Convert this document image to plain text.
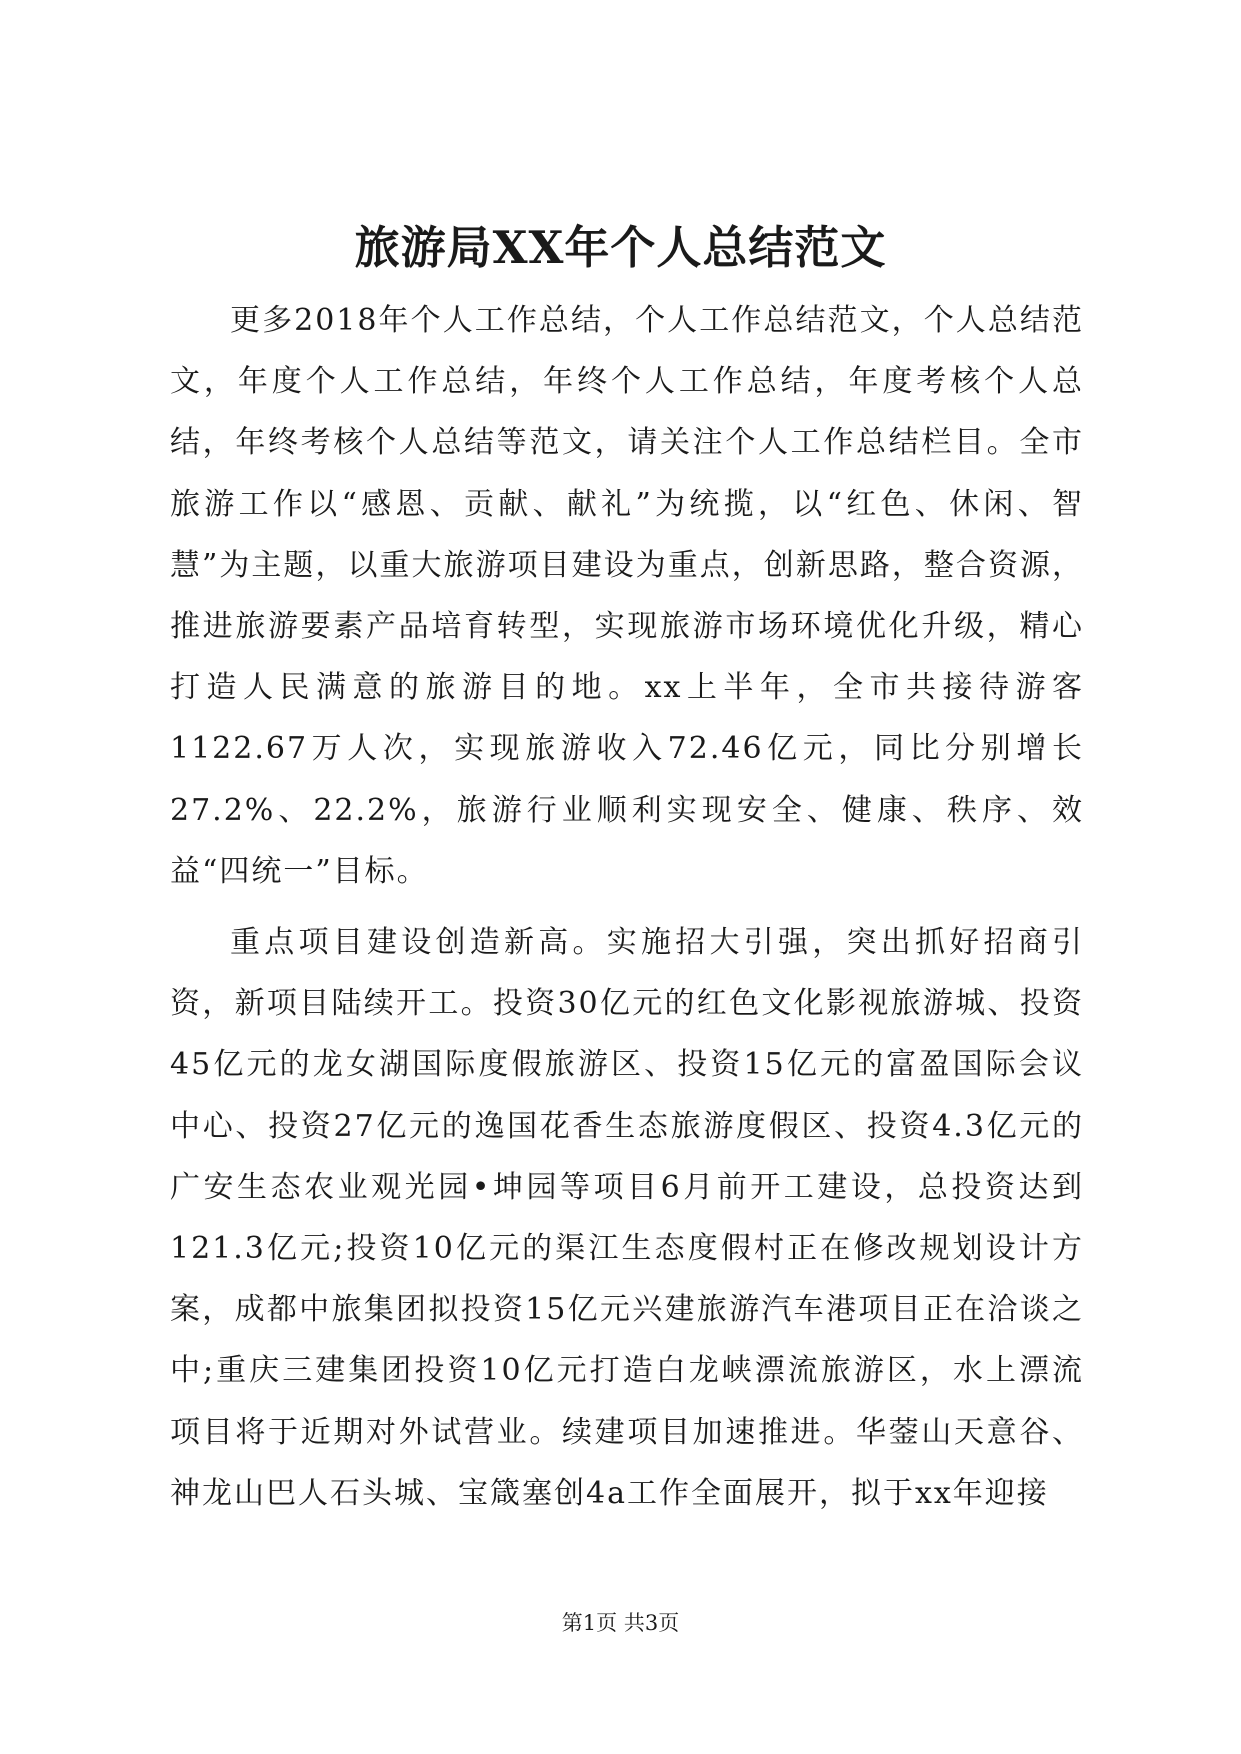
旅游局XX年个人总结范文

更多2018年个人工作总结，个人工作总结范文，个人总结范文，年度个人工作总结，年终个人工作总结，年度考核个人总结，年终考核个人总结等范文，请关注个人工作总结栏目。全市旅游工作以“感恩、贡献、献礼”为统揽，以“红色、休闲、智慧”为主题，以重大旅游项目建设为重点，创新思路，整合资源，推进旅游要素产品培育转型，实现旅游市场环境优化升级，精心打造人民满意的旅游目的地。xx上半年，全市共接待游客1122.67万人次，实现旅游收入72.46亿元，同比分别增长27.2%、22.2%，旅游行业顺利实现安全、健康、秩序、效益“四统一”目标。

重点项目建设创造新高。实施招大引强，突出抓好招商引资，新项目陆续开工。投资30亿元的红色文化影视旅游城、投资45亿元的龙女湖国际度假旅游区、投资15亿元的富盈国际会议中心、投资27亿元的逸国花香生态旅游度假区、投资4.3亿元的广安生态农业观光园•坤园等项目6月前开工建设，总投资达到121.3亿元;投资10亿元的渠江生态度假村正在修改规划设计方案，成都中旅集团拟投资15亿元兴建旅游汽车港项目正在洽谈之中;重庆三建集团投资10亿元打造白龙峡漂流旅游区，水上漂流项目将于近期对外试营业。续建项目加速推进。华蓥山天意谷、神龙山巴人石头城、宝箴塞创4a工作全面展开，拟于xx年迎接

第1页 共3页
